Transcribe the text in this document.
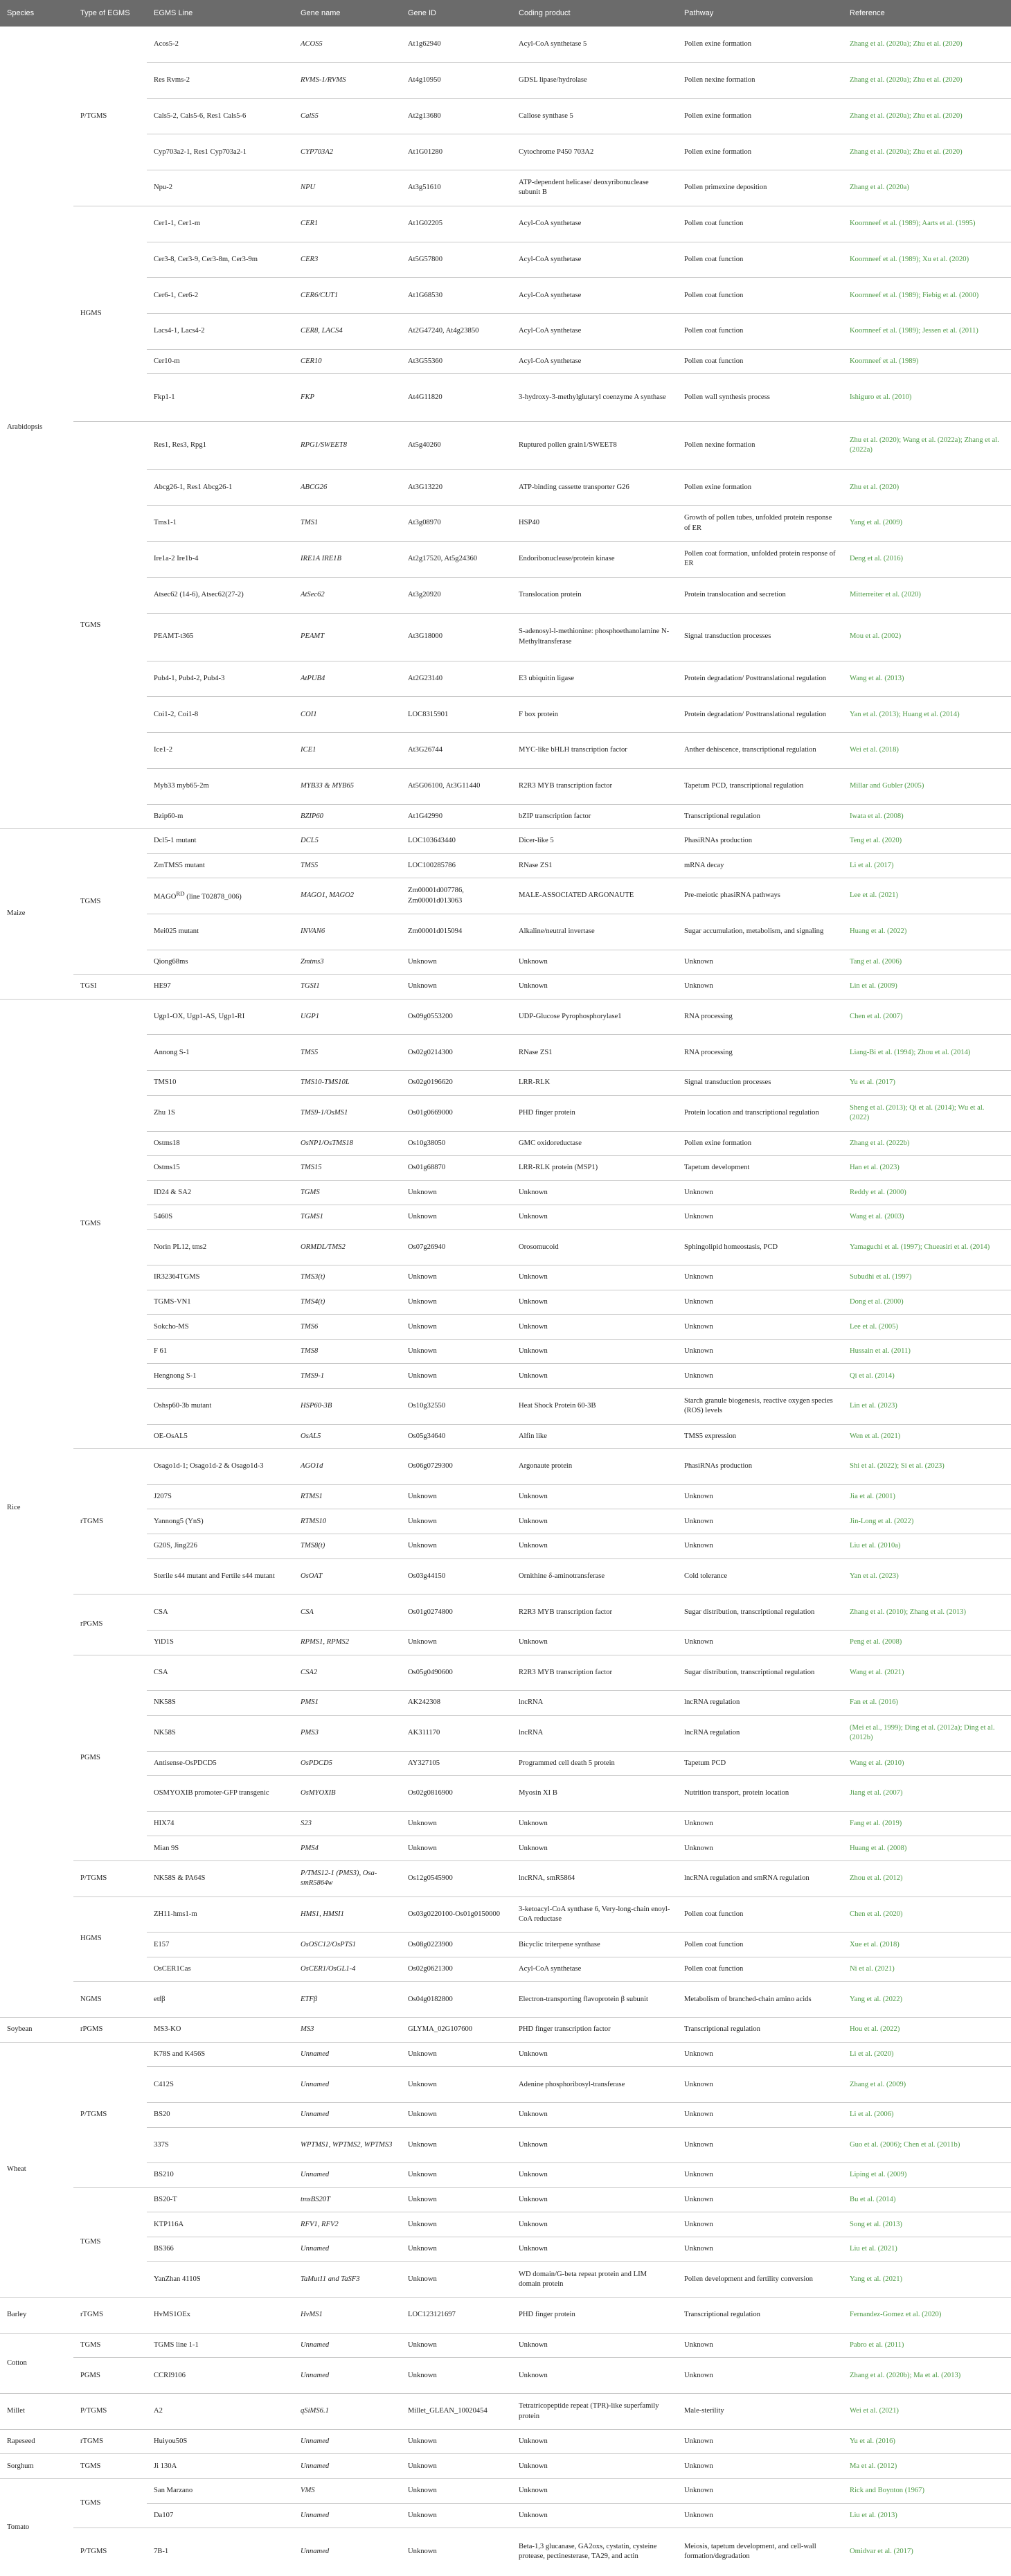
Species	Type of EGMS	EGMS Line	Gene name	Gene ID	Coding product	Pathway	Reference
Arabidopsis	P/TGMS	Acos5-2	ACOS5	At1g62940	Acyl-CoA synthetase 5	Pollen exine formation	Zhang et al. (2020a); Zhu et al. (2020)
		Res Rvms-2	RVMS-1/RVMS	At4g10950	GDSL lipase/hydrolase	Pollen nexine formation	Zhang et al. (2020a); Zhu et al. (2020)
		Cals5-2, Cals5-6, Res1 Cals5-6	CalS5	At2g13680	Callose synthase 5	Pollen exine formation	Zhang et al. (2020a); Zhu et al. (2020)
		Cyp703a2-1, Res1 Cyp703a2-1	CYP703A2	At1G01280	Cytochrome P450 703A2	Pollen exine formation	Zhang et al. (2020a); Zhu et al. (2020)
		Npu-2	NPU	At3g51610	ATP-dependent helicase/ deoxyribonuclease subunit B	Pollen primexine deposition	Zhang et al. (2020a)
	HGMS	Cer1-1, Cer1-m	CER1	At1G02205	Acyl-CoA synthetase	Pollen coat function	Koornneef et al. (1989); Aarts et al. (1995)
		Cer3-8, Cer3-9, Cer3-8m, Cer3-9m	CER3	At5G57800	Acyl-CoA synthetase	Pollen coat function	Koornneef et al. (1989); Xu et al. (2020)
		Cer6-1, Cer6-2	CER6/CUT1	At1G68530	Acyl-CoA synthetase	Pollen coat function	Koornneef et al. (1989); Fiebig et al. (2000)
		Lacs4-1, Lacs4-2	CER8, LACS4	At2G47240, At4g23850	Acyl-CoA synthetase	Pollen coat function	Koornneef et al. (1989); Jessen et al. (2011)
		Cer10-m	CER10	At3G55360	Acyl-CoA synthetase	Pollen coat function	Koornneef et al. (1989)
		Fkp1-1	FKP	At4G11820	3-hydroxy-3-methylglutaryl coenzyme A synthase	Pollen wall synthesis process	Ishiguro et al. (2010)
	TGMS	Res1, Res3, Rpg1	RPG1/SWEET8	At5g40260	Ruptured pollen grain1/SWEET8	Pollen nexine formation	Zhu et al. (2020); Wang et al. (2022a); Zhang et al. (2022a)
		Abcg26-1, Res1 Abcg26-1	ABCG26	At3G13220	ATP-binding cassette transporter G26	Pollen exine formation	Zhu et al. (2020)
		Tms1-1	TMS1	At3g08970	HSP40	Growth of pollen tubes, unfolded protein response of ER	Yang et al. (2009)
		Ire1a-2 Ire1b-4	IRE1A IRE1B	At2g17520, At5g24360	Endoribonuclease/protein kinase	Pollen coat formation, unfolded protein response of ER	Deng et al. (2016)
		Atsec62 (14-6), Atsec62(27-2)	AtSec62	At3g20920	Translocation protein	Protein translocation and secretion	Mitterreiter et al. (2020)
		PEAMT-t365	PEAMT	At3G18000	S-adenosyl-l-methionine: phosphoethanolamine N-Methyltransferase	Signal transduction processes	Mou et al. (2002)
		Pub4-1, Pub4-2, Pub4-3	AtPUB4	At2G23140	E3 ubiquitin ligase	Protein degradation/ Posttranslational regulation	Wang et al. (2013)
		Coi1-2, Coi1-8	COI1	LOC8315901	F box protein	Protein degradation/ Posttranslational regulation	Yan et al. (2013); Huang et al. (2014)
		Ice1-2	ICE1	At3G26744	MYC-like bHLH transcription factor	Anther dehiscence, transcriptional regulation	Wei et al. (2018)
		Myb33 myb65-2m	MYB33 & MYB65	At5G06100, At3G11440	R2R3 MYB transcription factor	Tapetum PCD, transcriptional regulation	Millar and Gubler (2005)
		Bzip60-m	BZIP60	At1G42990	bZIP transcription factor	Transcriptional regulation	Iwata et al. (2008)
Maize	TGMS	Dcl5-1 mutant	DCL5	LOC103643440	Dicer-like 5	PhasiRNAs production	Teng et al. (2020)
		ZmTMS5 mutant	TMS5	LOC100285786	RNase ZS1	mRNA decay	Li et al. (2017)
		$MAGO^{RD}$ (line T02878_006)	MAGO1, MAGO2	Zm00001d007786, Zm00001d013063	MALE-ASSOCIATED ARGONAUTE	Pre-meiotic phasiRNA pathways	Lee et al. (2021)
		Mei025 mutant	INVAN6	Zm00001d015094	Alkaline/neutral invertase	Sugar accumulation, metabolism, and signaling	Huang et al. (2022)
		Qiong68ms	Zmtms3	Unknown	Unknown	Unknown	Tang et al. (2006)
	TGSI	HE97	TGSI1	Unknown	Unknown	Unknown	Lin et al. (2009)
Rice	TGMS	Ugp1-OX, Ugp1-AS, Ugp1-RI	UGP1	Os09g0553200	UDP-Glucose Pyrophosphorylase1	RNA processing	Chen et al. (2007)
		Annong S-1	TMS5	Os02g0214300	RNase ZS1	RNA processing	Liang-Bi et al. (1994); Zhou et al. (2014)
		TMS10	TMS10-TMS10L	Os02g0196620	LRR-RLK	Signal transduction processes	Yu et al. (2017)
		Zhu 1S	TMS9-1/OsMS1	Os01g0669000	PHD finger protein	Protein location and transcriptional regulation	Sheng et al. (2013); Qi et al. (2014); Wu et al. (2022)
		Ostms18	OsNP1/OsTMS18	Os10g38050	GMC oxidoreductase	Pollen exine formation	Zhang et al. (2022b)
		Ostms15	TMS15	Os01g68870	LRR-RLK protein (MSP1)	Tapetum development	Han et al. (2023)
		ID24 & SA2	TGMS	Unknown	Unknown	Unknown	Reddy et al. (2000)
		5460S	TGMS1	Unknown	Unknown	Unknown	Wang et al. (2003)
		Norin PL12, tms2	ORMDL/TMS2	Os07g26940	Orosomucoid	Sphingolipid homeostasis, PCD	Yamaguchi et al. (1997); Chueasiri et al. (2014)
		IR32364TGMS	TMS3(t)	Unknown	Unknown	Unknown	Subudhi et al. (1997)
		TGMS-VN1	TMS4(t)	Unknown	Unknown	Unknown	Dong et al. (2000)
		Sokcho-MS	TMS6	Unknown	Unknown	Unknown	Lee et al. (2005)
		F 61	TMS8	Unknown	Unknown	Unknown	Hussain et al. (2011)
		Hengnong S-1	TMS9-1	Unknown	Unknown	Unknown	Qi et al. (2014)
		Oshsp60-3b mutant	HSP60-3B	Os10g32550	Heat Shock Protein 60-3B	Starch granule biogenesis, reactive oxygen species (ROS) levels	Lin et al. (2023)
		OE-OsAL5	OsAL5	Os05g34640	Alfin like	TMS5 expression	Wen et al. (2021)
	rTGMS	Osago1d-1; Osago1d-2 & Osago1d-3	AGO1d	Os06g0729300	Argonaute protein	PhasiRNAs production	Shi et al. (2022); Si et al. (2023)
		J207S	RTMS1	Unknown	Unknown	Unknown	Jia et al. (2001)
		Yannong5 (YnS)	RTMS10	Unknown	Unknown	Unknown	Jin-Long et al. (2022)
		G20S, Jing226	TMS8(t)	Unknown	Unknown	Unknown	Liu et al. (2010a)
		Sterile s44 mutant and Fertile s44 mutant	OsOAT	Os03g44150	Ornithine δ-aminotransferase	Cold tolerance	Yan et al. (2023)
	rPGMS	CSA	CSA	Os01g0274800	R2R3 MYB transcription factor	Sugar distribution, transcriptional regulation	Zhang et al. (2010); Zhang et al. (2013)
		YiD1S	RPMS1, RPMS2	Unknown	Unknown	Unknown	Peng et al. (2008)
	PGMS	CSA	CSA2	Os05g0490600	R2R3 MYB transcription factor	Sugar distribution, transcriptional regulation	Wang et al. (2021)
		NK58S	PMS1	AK242308	lncRNA	lncRNA regulation	Fan et al. (2016)
		NK58S	PMS3	AK311170	lncRNA	lncRNA regulation	(Mei et al., 1999); Ding et al. (2012a); Ding et al. (2012b)
		Antisense-OsPDCD5	OsPDCD5	AY327105	Programmed cell death 5 protein	Tapetum PCD	Wang et al. (2010)
		OSMYOXIB promoter-GFP transgenic	OsMYOXIB	Os02g0816900	Myosin XI B	Nutrition transport, protein location	Jiang et al. (2007)
		HIX74	S23	Unknown	Unknown	Unknown	Fang et al. (2019)
		Mian 9S	PMS4	Unknown	Unknown	Unknown	Huang et al. (2008)
	P/TGMS	NK58S & PA64S	P/TMS12-1 (PMS3), Osa-smR5864w	Os12g0545900	lncRNA, smR5864	lncRNA regulation and smRNA regulation	Zhou et al. (2012)
	HGMS	ZH11-hms1-m	HMS1, HMSI1	Os03g0220100-Os01g0150000	3-ketoacyl-CoA synthase 6, Very-long-chain enoyl-CoA reductase	Pollen coat function	Chen et al. (2020)
		E157	OsOSC12/OsPTS1	Os08g0223900	Bicyclic triterpene synthase	Pollen coat function	Xue et al. (2018)
		OsCER1Cas	OsCER1/OsGL1-4	Os02g0621300	Acyl-CoA synthetase	Pollen coat function	Ni et al. (2021)
	NGMS	etfβ	ETFβ	Os04g0182800	Electron-transporting flavoprotein β subunit	Metabolism of branched-chain amino acids	Yang et al. (2022)
Soybean	rPGMS	MS3-KO	MS3	GLYMA_02G107600	PHD finger transcription factor	Transcriptional regulation	Hou et al. (2022)
Wheat	P/TGMS	K78S and K456S	Unnamed	Unknown	Unknown	Unknown	Li et al. (2020)
		C412S	Unnamed	Unknown	Adenine phosphoribosyl-transferase	Unknown	Zhang et al. (2009)
		BS20	Unnamed	Unknown	Unknown	Unknown	Li et al. (2006)
		337S	WPTMS1, WPTMS2, WPTMS3	Unknown	Unknown	Unknown	Guo et al. (2006); Chen et al. (2011b)
		BS210	Unnamed	Unknown	Unknown	Unknown	Liping et al. (2009)
	TGMS	BS20-T	tmsBS20T	Unknown	Unknown	Unknown	Bu et al. (2014)
		KTP116A	RFV1, RFV2	Unknown	Unknown	Unknown	Song et al. (2013)
		BS366	Unnamed	Unknown	Unknown	Unknown	Liu et al. (2021)
		YanZhan 4110S	TaMut11 and TaSF3	Unknown	WD domain/G-beta repeat protein and LIM domain protein	Pollen development and fertility conversion	Yang et al. (2021)
Barley	rTGMS	HvMS1OEx	HvMS1	LOC123121697	PHD finger protein	Transcriptional regulation	Fernandez-Gomez et al. (2020)
Cotton	TGMS	TGMS line 1-1	Unnamed	Unknown	Unknown	Unknown	Pabro et al. (2011)
	PGMS	CCRI9106	Unnamed	Unknown	Unknown	Unknown	Zhang et al. (2020b); Ma et al. (2013)
Millet	P/TGMS	A2	qSiMS6.1	Millet_GLEAN_10020454	Tetratricopeptide repeat (TPR)-like superfamily protein	Male-sterility	Wei et al. (2021)
Rapeseed	rTGMS	Huiyou50S	Unnamed	Unknown	Unknown	Unknown	Yu et al. (2016)
Sorghum	TGMS	Ji 130A	Unnamed	Unknown	Unknown	Unknown	Ma et al. (2012)
Tomato	TGMS	San Marzano	VMS	Unknown	Unknown	Unknown	Rick and Boynton (1967)
		Da107	Unnamed	Unknown	Unknown	Unknown	Liu et al. (2013)
	P/TGMS	7B-1	Unnamed	Unknown	Beta-1,3 glucanase, GA2oxs, cystatin, cysteine protease, pectinesterase, TA29, and actin	Meiosis, tapetum development, and cell-wall formation/degradation	Omidvar et al. (2017)
